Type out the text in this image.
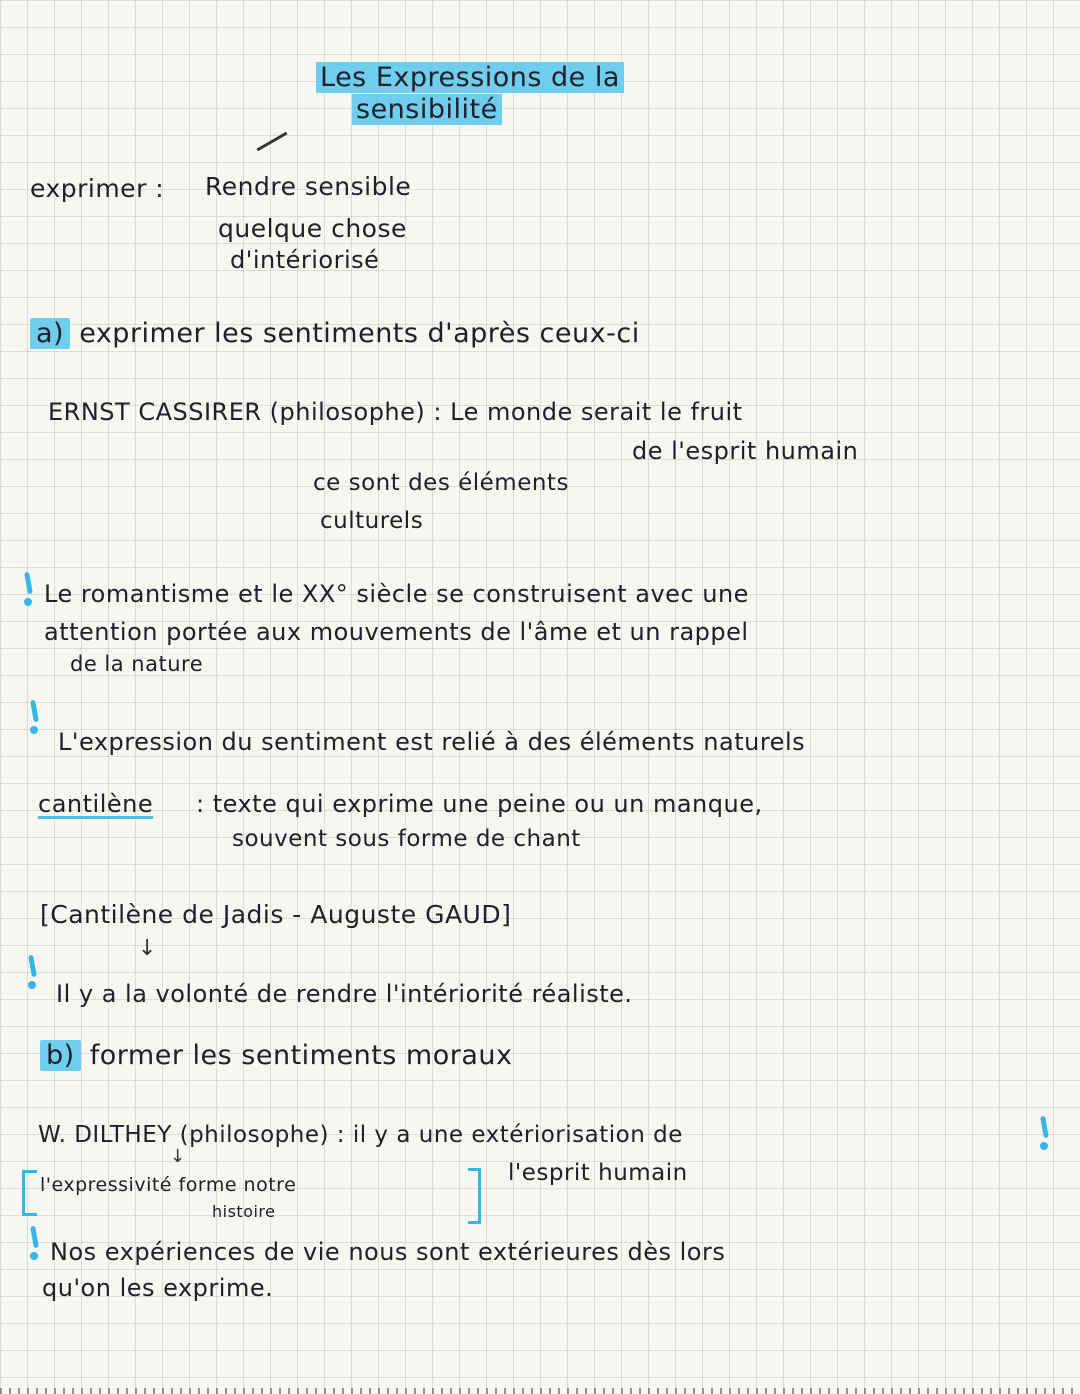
Les Expressions de la
sensibilité
exprimer : Rendre sensible
quelque chose
d'intériorisé
a) exprimer les sentiments d'après ceux-ci
ERNST CASSIRER (philosophe) : Le monde serait le fruit
de l'esprit humain
ce sont des éléments
culturels
Le romantisme et le XX° siècle se construisent avec une
attention portée aux mouvements de l'âme et un rappel
de la nature
L'expression du sentiment est relié à des éléments naturels
cantilène : texte qui exprime une peine ou un manque,
souvent sous forme de chant
[Cantilène de Jadis - Auguste GAUD]
↓
Il y a la volonté de rendre l'intériorité réaliste.
b) former les sentiments moraux
W. DILTHEY (philosophe) : il y a une extériorisation de
↓
l'esprit humain
l'expressivité forme notre
histoire
Nos expériences de vie nous sont extérieures dès lors
qu'on les exprime.
